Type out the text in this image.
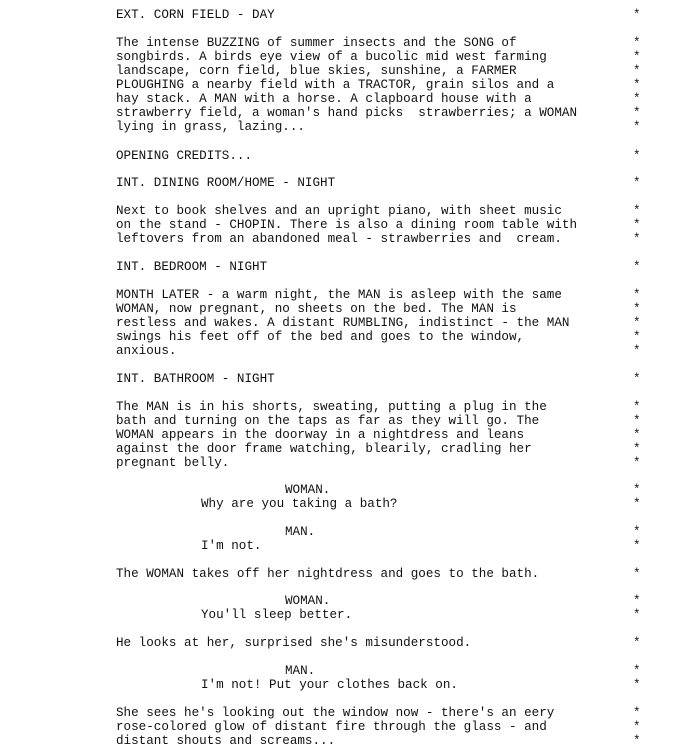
EXT. CORN FIELD - DAY	*
The intense BUZZING of summer insects and the SONG of	*
songbirds. A birds eye view of a bucolic mid west farming	*
landscape, corn field, blue skies, sunshine, a FARMER	*
PLOUGHING a nearby field with a TRACTOR, grain silos and a	*
hay stack. A MAN with a horse. A clapboard house with a	*
strawberry field, a woman's hand picks  strawberries; a WOMAN	*
lying in grass, lazing...	*
OPENING CREDITS...	*
INT. DINING ROOM/HOME - NIGHT	*
Next to book shelves and an upright piano, with sheet music	*
on the stand - CHOPIN. There is also a dining room table with	*
leftovers from an abandoned meal - strawberries and  cream.	*
INT. BEDROOM - NIGHT	*
MONTH LATER - a warm night, the MAN is asleep with the same	*
WOMAN, now pregnant, no sheets on the bed. The MAN is	*
restless and wakes. A distant RUMBLING, indistinct - the MAN	*
swings his feet off of the bed and goes to the window,	*
anxious.	*
INT. BATHROOM - NIGHT	*
The MAN is in his shorts, sweating, putting a plug in the	*
bath and turning on the taps as far as they will go. The	*
WOMAN appears in the doorway in a nightdress and leans	*
against the door frame watching, blearily, cradling her	*
pregnant belly.	*
WOMAN.	*
Why are you taking a bath?	*
MAN.	*
I'm not.	*
The WOMAN takes off her nightdress and goes to the bath.	*
WOMAN.	*
You'll sleep better.	*
He looks at her, surprised she's misunderstood.	*
MAN.	*
I'm not! Put your clothes back on.	*
She sees he's looking out the window now - there's an eery	*
rose-colored glow of distant fire through the glass - and	*
distant shouts and screams...	*
